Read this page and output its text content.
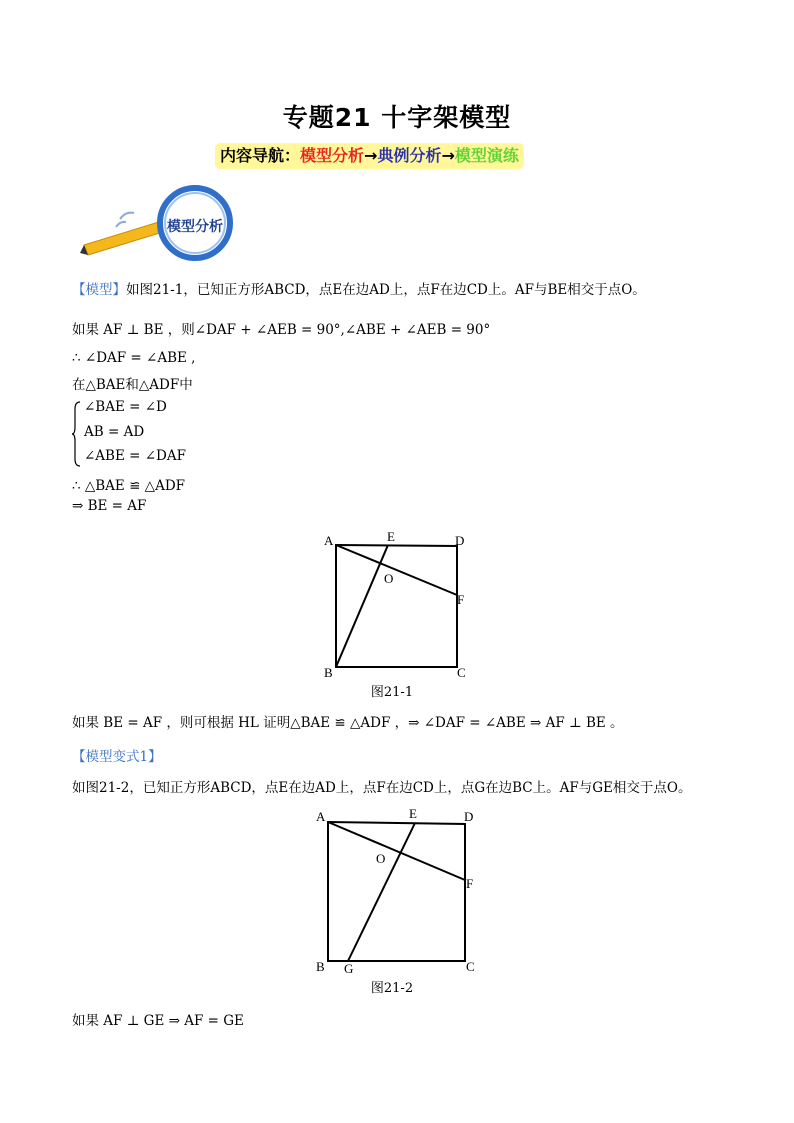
专题21 十字架模型
内容导航：模型分析→典例分析→模型演练
模型分析
【模型】如图21-1，已知正方形ABCD，点E在边AD上，点F在边CD上。AF与BE相交于点O。
如果 AF ⊥ BE ，则∠DAF + ∠AEB = 90°,∠ABE + ∠AEB = 90°
∴ ∠DAF = ∠ABE ,
在△BAE和△ADF中
∠BAE = ∠D
AB = AD
∠ABE = ∠DAF
∴ △BAE ≌ △ADF
⇒ BE = AF
A	E	D
O
F
B	C
图21-1
如果 BE = AF ，则可根据 HL 证明△BAE ≌ △ADF ，⇒ ∠DAF = ∠ABE ⇒ AF ⊥ BE 。
【模型变式1】
如图21-2，已知正方形ABCD，点E在边AD上，点F在边CD上，点G在边BC上。AF与GE相交于点O。
A	E	D
O
F
B G	C
图21-2
如果 AF ⊥ GE ⇒ AF = GE
